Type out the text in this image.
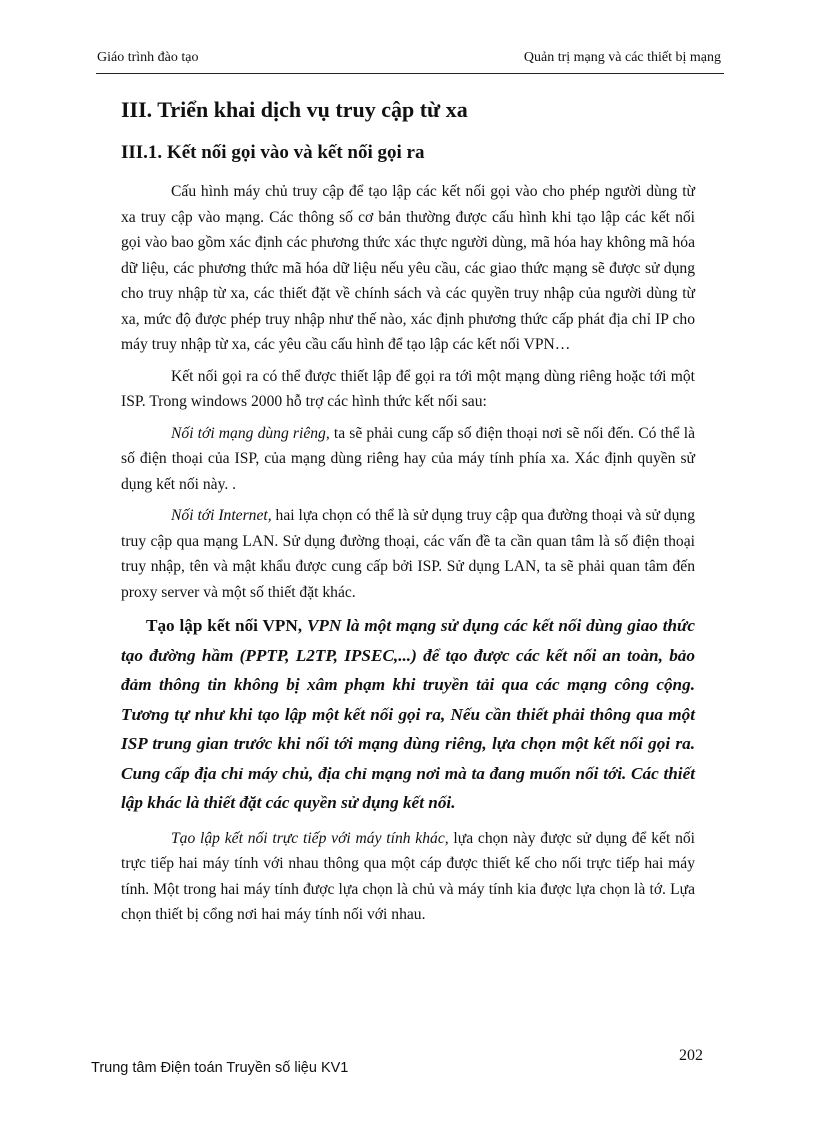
Giáo trình đào tạo	Quản trị mạng và các thiết bị mạng
III. Triển khai dịch vụ truy cập từ xa
III.1. Kết nối gọi vào và kết nối gọi ra

Cấu hình máy chủ truy cập để tạo lập các kết nối gọi vào cho phép người dùng từ xa truy cập vào mạng. Các thông số cơ bản thường được cấu hình khi tạo lập các kết nối gọi vào bao gồm xác định các phương thức xác thực người dùng, mã hóa hay không mã hóa dữ liệu, các phương thức mã hóa dữ liệu nếu yêu cầu, các giao thức mạng sẽ được sử dụng cho truy nhập từ xa, các thiết đặt về chính sách và các quyền truy nhập của người dùng từ xa, mức độ được phép truy nhập như thế nào, xác định phương thức cấp phát địa chỉ IP cho máy truy nhập từ xa, các yêu cầu cấu hình để tạo lập các kết nối VPN…

Kết nối gọi ra có thể được thiết lập để gọi ra tới một mạng dùng riêng hoặc tới một ISP. Trong windows 2000 hỗ trợ các hình thức kết nối sau:

Nối tới mạng dùng riêng, ta sẽ phải cung cấp số điện thoại nơi sẽ nối đến. Có thể là số điện thoại của ISP, của mạng dùng riêng hay của máy tính phía xa. Xác định quyền sử dụng kết nối này. .

Nối tới Internet, hai lựa chọn có thể là sử dụng truy cập qua đường thoại và sử dụng truy cập qua mạng LAN. Sử dụng đường thoại, các vấn đề ta cần quan tâm là số điện thoại truy nhập, tên và mật khẩu được cung cấp bởi ISP. Sử dụng LAN, ta sẽ phải quan tâm đến proxy server và một số thiết đặt khác.

Tạo lập kết nối VPN, VPN là một mạng sử dụng các kết nối dùng giao thức tạo đường hầm (PPTP, L2TP, IPSEC,...) để tạo được các kết nối an toàn, bảo đảm thông tin không bị xâm phạm khi truyền tải qua các mạng công cộng. Tương tự như khi tạo lập một kết nối gọi ra, Nếu cần thiết phải thông qua một ISP trung gian trước khi nối tới mạng dùng riêng, lựa chọn một kết nối gọi ra. Cung cấp địa chỉ máy chủ, địa chỉ mạng nơi mà ta đang muốn nối tới. Các thiết lập khác là thiết đặt các quyền sử dụng kết nối.

Tạo lập kết nối trực tiếp với máy tính khác, lựa chọn này được sử dụng để kết nối trực tiếp hai máy tính với nhau thông qua một cáp được thiết kế cho nối trực tiếp hai máy tính. Một trong hai máy tính được lựa chọn là chủ và máy tính kia được lựa chọn là tớ. Lựa chọn thiết bị cổng nơi hai máy tính nối với nhau.

Trung tâm Điện toán Truyền số liệu KV1
202
